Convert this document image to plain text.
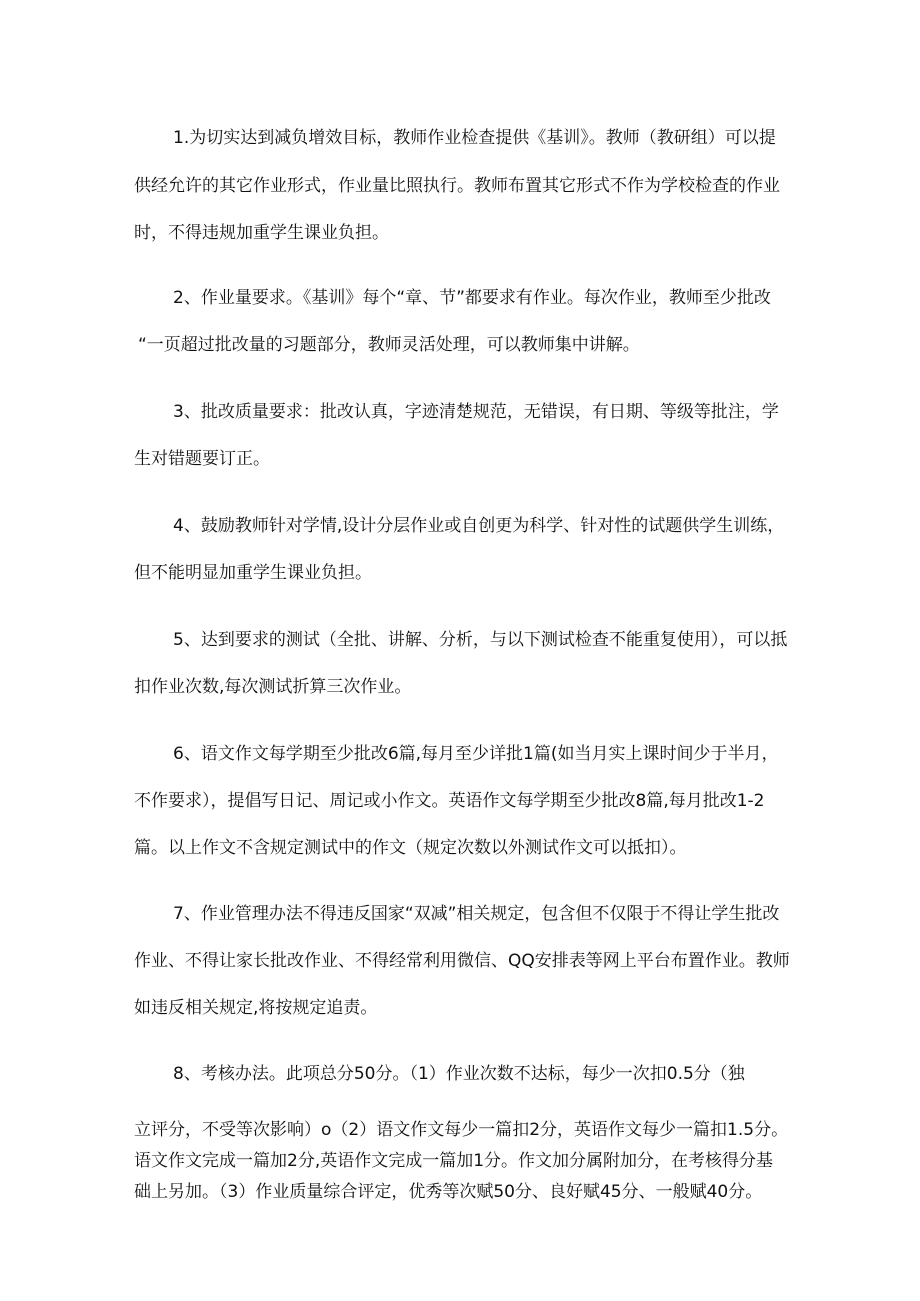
1.为切实达到减负增效目标，教师作业检查提供《基训》。教师（教研组）可以提
供经允许的其它作业形式，作业量比照执行。教师布置其它形式不作为学校检查的作业
时，不得违规加重学生课业负担。
2、作业量要求。《基训》每个“章、节”都要求有作业。每次作业，教师至少批改
“一页超过批改量的习题部分，教师灵活处理，可以教师集中讲解。
3、批改质量要求：批改认真，字迹清楚规范，无错误，有日期、等级等批注，学
生对错题要订正。
4、鼓励教师针对学情,设计分层作业或自创更为科学、针对性的试题供学生训练，
但不能明显加重学生课业负担。
5、达到要求的测试（全批、讲解、分析，与以下测试检查不能重复使用），可以抵
扣作业次数,每次测试折算三次作业。
6、语文作文每学期至少批改6篇,每月至少详批1篇(如当月实上课时间少于半月，
不作要求），提倡写日记、周记或小作文。英语作文每学期至少批改8篇,每月批改1-2
篇。以上作文不含规定测试中的作文（规定次数以外测试作文可以抵扣）。
7、作业管理办法不得违反国家“双减”相关规定，包含但不仅限于不得让学生批改
作业、不得让家长批改作业、不得经常利用微信、QQ安排表等网上平台布置作业。教师
如违反相关规定,将按规定追责。
8、考核办法。此项总分50分。（1）作业次数不达标，每少一次扣0.5分（独
立评分，不受等次影响）o（2）语文作文每少一篇扣2分，英语作文每少一篇扣1.5分。
语文作文完成一篇加2分,英语作文完成一篇加1分。作文加分属附加分，在考核得分基
础上另加。（3）作业质量综合评定，优秀等次赋50分、良好赋45分、一般赋40分。
